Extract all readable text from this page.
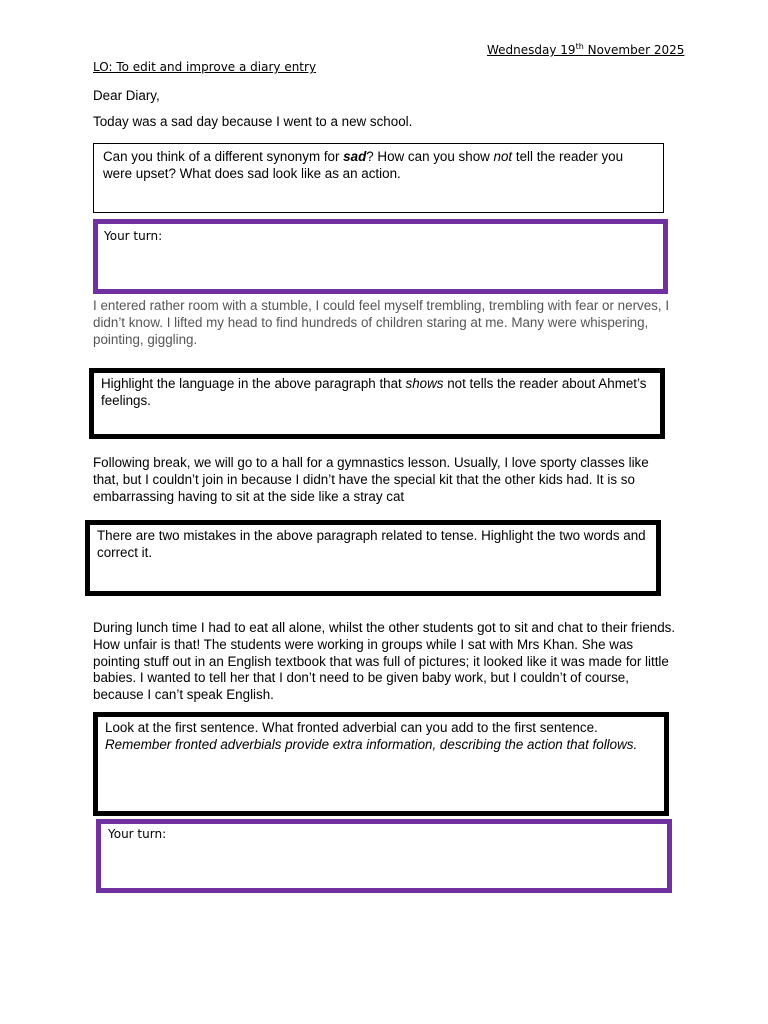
Wednesday 19th November 2025
LO: To edit and improve a diary entry
Dear Diary,
Today was a sad day because I went to a new school.
Can you think of a different synonym for sad? How can you show not tell the reader you were upset? What does sad look like as an action.
Your turn:
I entered rather room with a stumble, I could feel myself trembling, trembling with fear or nerves, I didn’t know. I lifted my head to find hundreds of children staring at me. Many were whispering, pointing, giggling.
Highlight the language in the above paragraph that shows not tells the reader about Ahmet’s feelings.
Following break, we will go to a hall for a gymnastics lesson. Usually, I love sporty classes like that, but I couldn’t join in because I didn’t have the special kit that the other kids had. It is so embarrassing having to sit at the side like a stray cat
There are two mistakes in the above paragraph related to tense. Highlight the two words and correct it.
During lunch time I had to eat all alone, whilst the other students got to sit and chat to their friends. How unfair is that! The students were working in groups while I sat with Mrs Khan. She was pointing stuff out in an English textbook that was full of pictures; it looked like it was made for little babies. I wanted to tell her that I don’t need to be given baby work, but I couldn’t of course, because I can’t speak English.
Look at the first sentence. What fronted adverbial can you add to the first sentence.
Remember fronted adverbials provide extra information, describing the action that follows.
Your turn:
